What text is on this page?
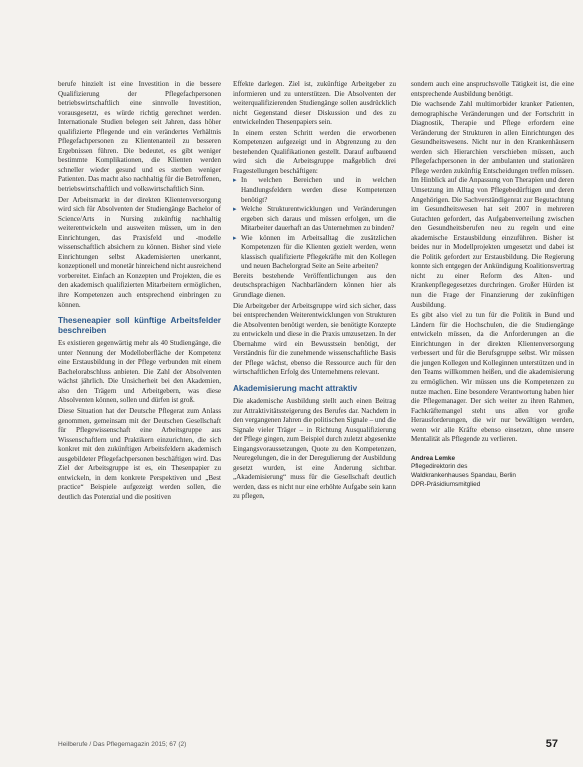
berufe hinzielt ist eine Investition in die bessere Qualifizierung der Pflegefachpersonen betriebswirtschaftlich eine sinnvolle Investition, vorausgesetzt, es würde richtig gerechnet werden. Internationale Studien belegen seit Jahren, dass höher qualifizierte Pflegende und ein verändertes Verhältnis Pflegefachpersonen zu Klientenanteil zu besseren Ergebnissen führen. Die bedeutet, es gibt weniger bestimmte Komplikationen, die Klienten werden schneller wieder gesund und es sterben weniger Patienten. Das macht also nachhaltig für die Betroffenen, betriebswirtschaftlich und volkswirtschaftlich Sinn.

Der Arbeitsmarkt in der direkten Klientenversorgung wird sich für Absolventen der Studiengänge Bachelor of Science/Arts in Nursing zukünftig nachhaltig weiterentwickeln und ausweiten müssen, um in den Einrichtungen, das Praxisfeld und -modelle wissenschaftlich absichern zu können. Bisher sind viele Einrichtungen selbst Akademisierten unerkannt, konzeptionell und monetär hinreichend nicht ausreichend vorbereitet. Einfach an Konzepten und Projekten, die es den akademisch qualifizierten Mitarbeitern ermöglichen, ihre Kompetenzen auch entsprechend einbringen zu können.

Theseneapier soll künftige Arbeitsfelder beschreiben

Es existieren gegenwärtig mehr als 40 Studiengänge, die unter Nennung der Modelloberfläche der Kompetenz eine Erstausbildung in der Pflege verbunden mit einem Bachelorabschluss anbieten. Die Zahl der Absolventen wächst jährlich. Die Unsicherheit bei den Akademien, also den Trägern und Arbeitgebern, was diese Absolventen können, sollen und dürfen ist groß.

Diese Situation hat der Deutsche Pflegerat zum Anlass genommen, gemeinsam mit der Deutschen Gesellschaft für Pflegewissenschaft eine Arbeitsgruppe aus Wissenschaftlern und Praktikern einzurichten, die sich konkret mit den zukünftigen Arbeitsfeldern akademisch ausgebildeter Pflegefachpersonen beschäftigen wird. Das Ziel der Arbeitsgruppe ist es, ein Thesenpapier zu entwickeln, in dem konkrete Perspektiven und „Best practice“ Beispiele aufgezeigt werden sollen, die deutlich das Potenzial und die positiven

Effekte darlegen. Ziel ist, zukünftige Arbeitgeber zu informieren und zu unterstützen. Die Absolventen der weiterqualifizierenden Studiengänge sollen ausdrücklich nicht Gegenstand dieser Diskussion und des zu entwickelnden Thesenpapiers sein.

In einem ersten Schritt werden die erworbenen Kompetenzen aufgezeigt und in Abgrenzung zu den bestehenden Qualifikationen gestellt. Darauf aufbauend wird sich die Arbeitsgruppe maßgeblich drei Fragestellungen beschäftigen:

▸ In welchen Bereichen und in welchen Handlungsfeldern werden diese Kompetenzen benötigt?
▸ Welche Strukturentwicklungen und Veränderungen ergeben sich daraus und müssen erfolgen, um die Mitarbeiter dauerhaft an das Unternehmen zu binden?
▸ Wie können im Arbeitsalltag die zusätzlichen Kompetenzen für die Klienten gezielt werden, wenn klassisch qualifizierte Pflegekräfte mit den Kollegen und neuen Bachelorgrad Seite an Seite arbeiten?

Bereits bestehende Veröffentlichungen aus den deutschsprachigen Nachbarländern können hier als Grundlage dienen.

Die Arbeitgeber der Arbeitsgruppe wird sich sicher, dass bei entsprechenden Weiterentwicklungen von Strukturen die Absolventen benötigt werden, sie benötigte Konzepte zu entwickeln und diese in die Praxis umzusetzen. In der Übernahme wird ein Bewusstsein benötigt, der Verständnis für die zunehmende wissenschaftliche Basis der Pflege wächst, ebenso die Ressource auch für den wirtschaftlichen Erfolg des Unternehmens relevant.

Akademisierung macht attraktiv

Die akademische Ausbildung stellt auch einen Beitrag zur Attraktivitätssteigerung des Berufes dar. Nachdem in den vergangenen Jahren die politischen Signale – und die Signale vieler Träger – in Richtung Ausqualifizierung der Pflege gingen, zum Beispiel durch zuletzt abgesenkte Eingangsvoraussetzungen, Quote zu den Kompetenzen, Neuregelungen, die in der Deregulierung der Ausbildung gesetzt wurden, ist eine Änderung sichtbar. „Akademisierung“ muss für die Gesellschaft deutlich werden, dass es nicht nur eine erhöhte Aufgabe sein kann zu pflegen,

sondern auch eine anspruchsvolle Tätigkeit ist, die eine entsprechende Ausbildung benötigt.

Die wachsende Zahl multimorbider kranker Patienten, demographische Veränderungen und der Fortschritt in Diagnostik, Therapie und Pflege erfordern eine Veränderung der Strukturen in allen Einrichtungen des Gesundheitswesens. Nicht nur in den Krankenhäusern werden sich Hierarchien verschieben müssen, auch Pflegefachpersonen in der ambulanten und stationären Pflege werden zukünftig Entscheidungen treffen müssen. Im Hinblick auf die Anpassung von Therapien und deren Umsetzung im Alltag von Pflegebedürftigen und deren Angehörigen. Die Sachverständigenrat zur Begutachtung im Gesundheitswesen hat seit 2007 in mehreren Gutachten gefordert, das Aufgabenverteilung zwischen den Gesundheitsberufen neu zu regeln und eine akademische Erstausbildung einzuführen. Bisher ist beides nur in Modellprojekten umgesetzt und dabei ist die Politik gefordert zur Erstausbildung. Die Regierung konnte sich entgegen der Ankündigung Koalitionsvertrag nicht zu einer Reform des Alten- und Krankenpflegegesetzes durchringen. Großer Hürden ist nun die Frage der Finanzierung der zukünftigen Ausbildung.

Es gibt also viel zu tun für die Politik in Bund und Ländern für die Hochschulen, die die Studiengänge entwickeln müssen, da die Anforderungen an die Einrichtungen in der direkten Klientenversorgung verbessert und für die Berufsgruppe selbst. Wir müssen die jungen Kollegen und Kolleginnen unterstützen und in den Teams willkommen heißen, und die akademisierung zu ermöglichen. Wir müssen uns die Kompetenzen zu nutze machen. Eine besondere Verantwortung haben hier die Pflegemanager. Der sich weiter zu ihren Rahmen, Fachkräftemangel steht uns allen vor große Herausforderungen, die wir nur bewältigen werden, wenn wir alle Kräfte ebenso einsetzen, ohne unsere Mentalität als Pflegende zu verlieren.

Andrea Lemke
Pflegedirektorin des
Waldkrankenhauses Spandau, Berlin
DPR-Präsidiumsmitglied
Heilberufe / Das Pflegemagazin 2015; 67 (2)	57
